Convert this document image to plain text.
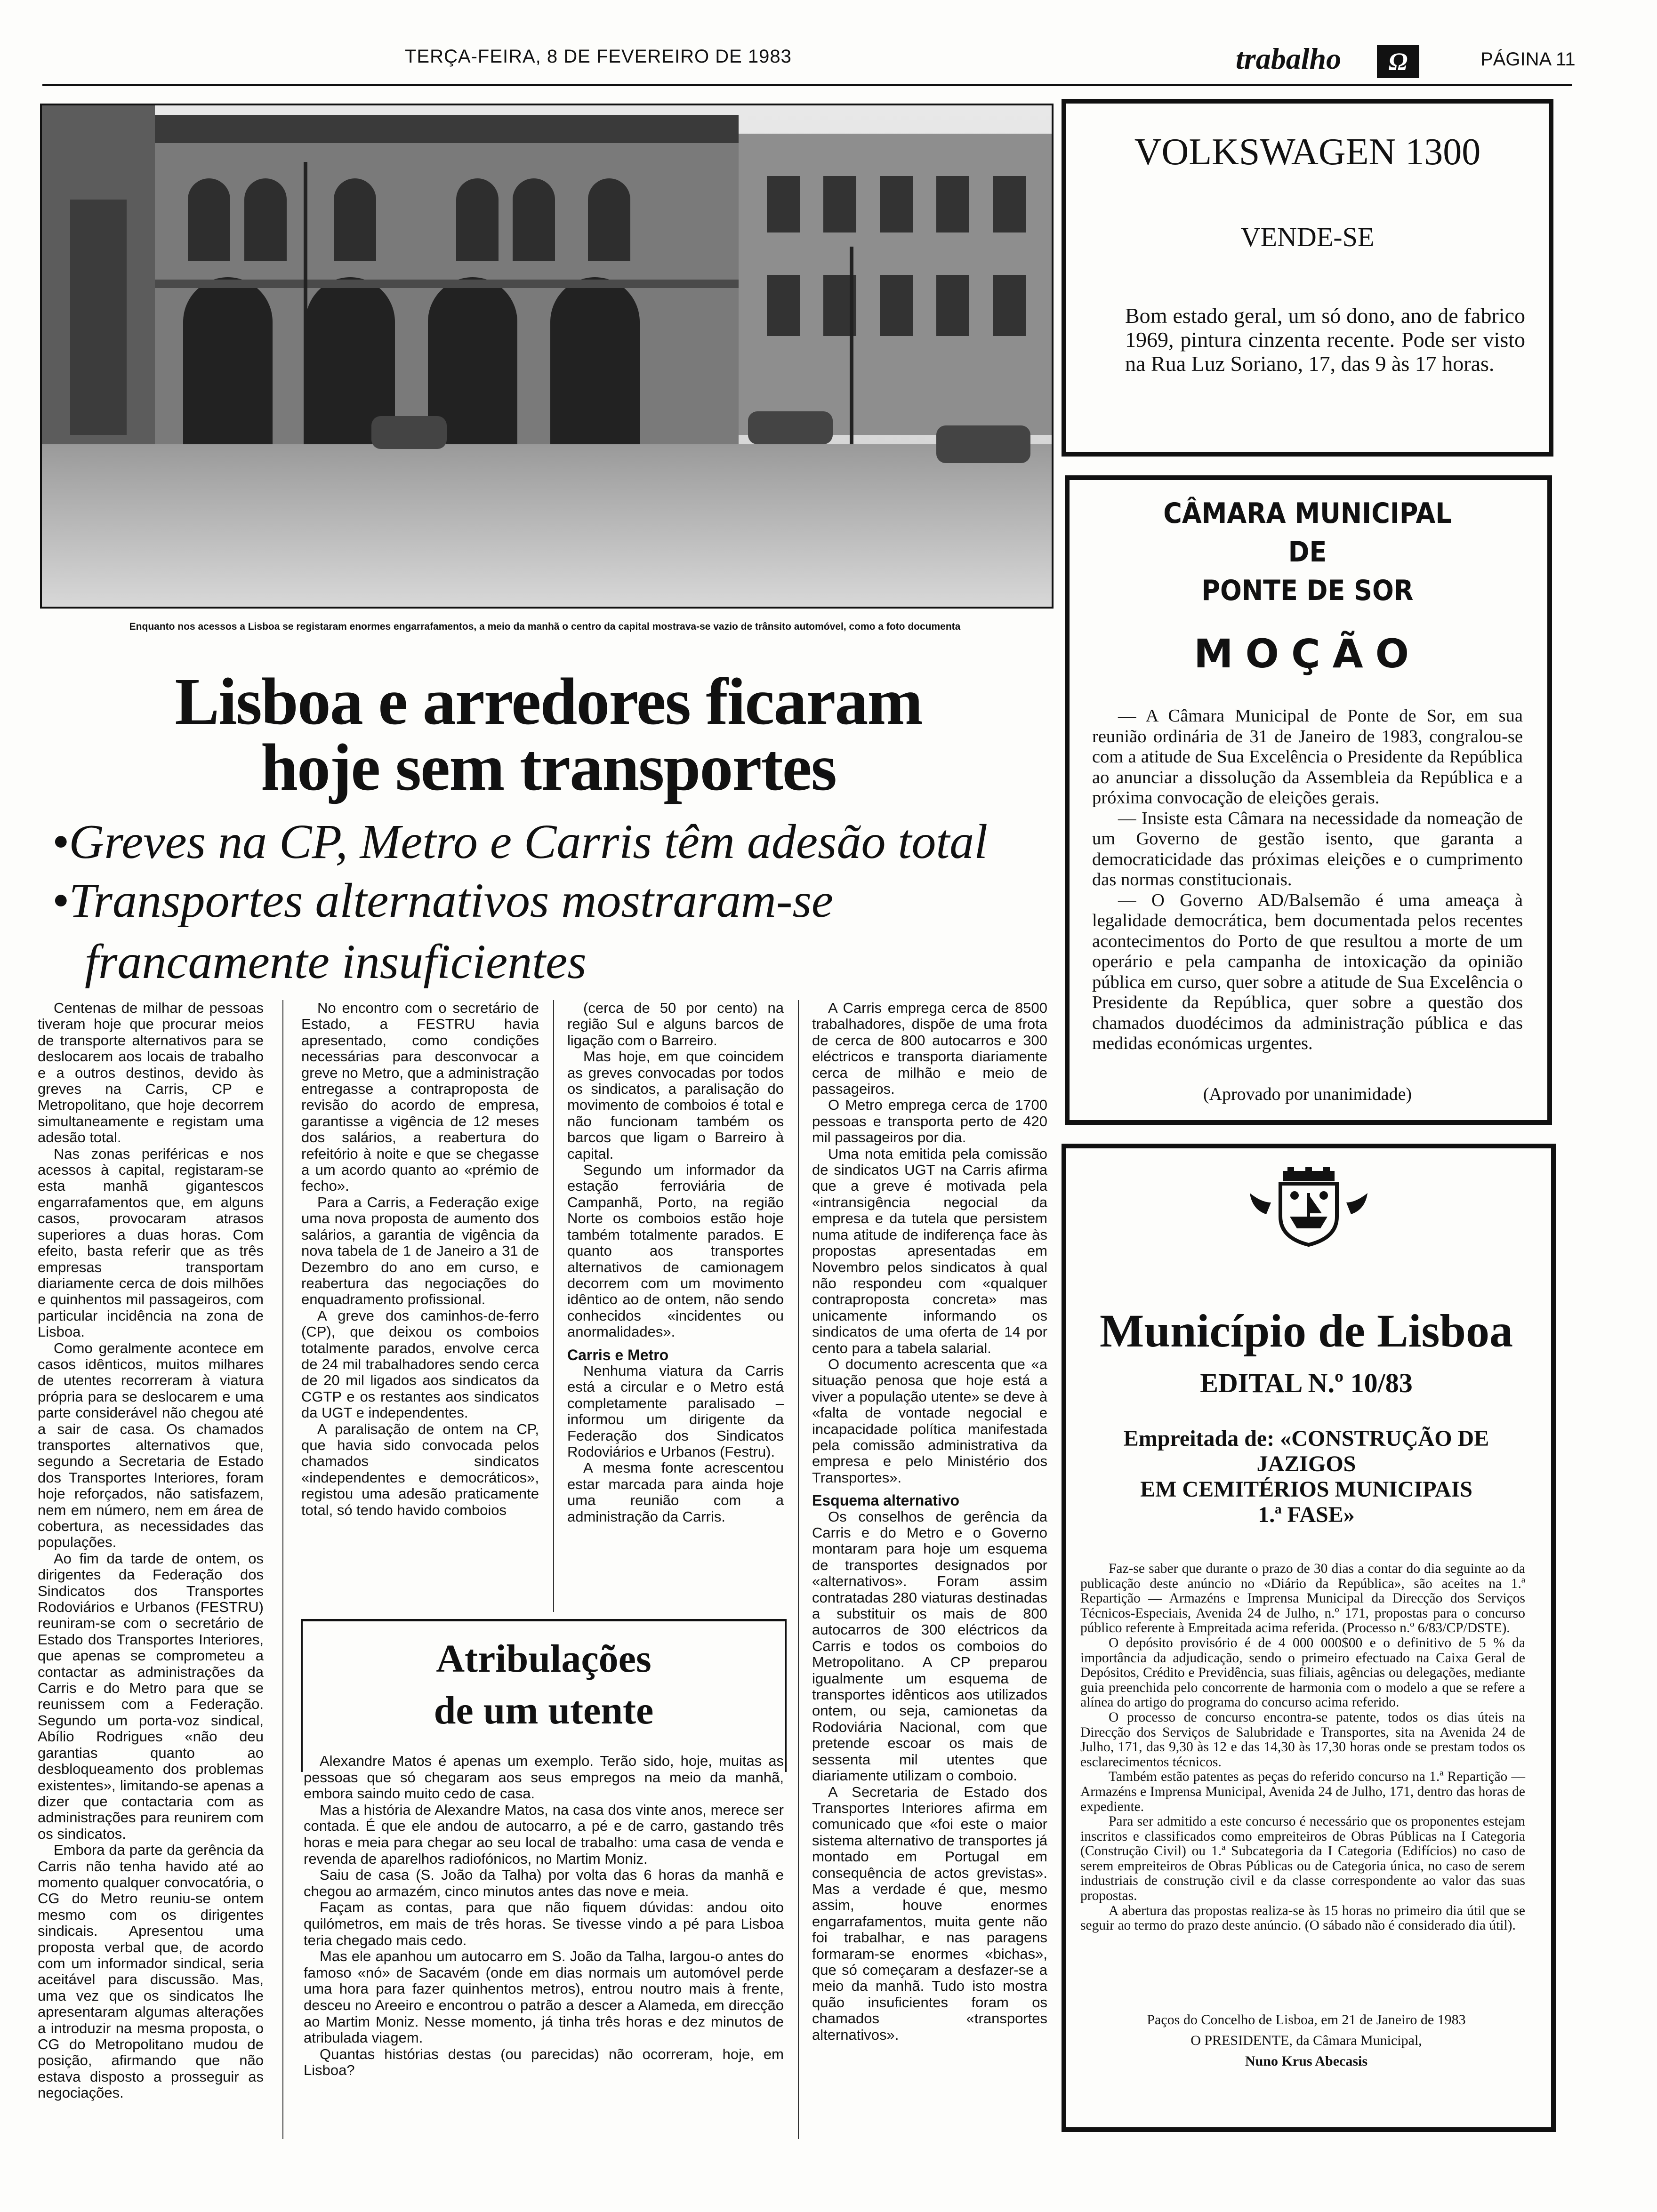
TERÇA-FEIRA, 8 DE FEVEREIRO DE 1983	trabalho	Ω	PÁGINA 11
Enquanto nos acessos a Lisboa se registaram enormes engarrafamentos, a meio da manhã o centro da capital mostrava-se vazio de trânsito automóvel, como a foto documenta
Lisboa e arredores ficaram
hoje sem transportes
•Greves na CP, Metro e Carris têm adesão total
•Transportes alternativos mostraram-se
francamente insuficientes

Centenas de milhar de pessoas tiveram hoje que procurar meios de transporte alternativos para se deslocarem aos locais de trabalho e a outros destinos, devido às greves na Carris, CP e Metropolitano, que hoje decorrem simultaneamente e registam uma adesão total.

Nas zonas periféricas e nos acessos à capital, registaram-se esta manhã gigantescos engarrafamentos que, em alguns casos, provocaram atrasos superiores a duas horas. Com efeito, basta referir que as três empresas transportam diariamente cerca de dois milhões e quinhentos mil passageiros, com particular incidência na zona de Lisboa.

Como geralmente acontece em casos idênticos, muitos milhares de utentes recorreram à viatura própria para se deslocarem e uma parte considerável não chegou até a sair de casa. Os chamados transportes alternativos que, segundo a Secretaria de Estado dos Transportes Interiores, foram hoje reforçados, não satisfazem, nem em número, nem em área de cobertura, as necessidades das populações.

Ao fim da tarde de ontem, os dirigentes da Federação dos Sindicatos dos Transportes Rodoviários e Urbanos (FESTRU) reuniram-se com o secretário de Estado dos Transportes Interiores, que apenas se comprometeu a contactar as administrações da Carris e do Metro para que se reunissem com a Federação. Segundo um porta-voz sindical, Abílio Rodrigues «não deu garantias quanto ao desbloqueamento dos problemas existentes», limitando-se apenas a dizer que contactaria com as administrações para reunirem com os sindicatos.

Embora da parte da gerência da Carris não tenha havido até ao momento qualquer convocatória, o CG do Metro reuniu-se ontem mesmo com os dirigentes sindicais. Apresentou uma proposta verbal que, de acordo com um informador sindical, seria aceitável para discussão. Mas, uma vez que os sindicatos lhe apresentaram algumas alterações a introduzir na mesma proposta, o CG do Metropolitano mudou de posição, afirmando que não estava disposto a prosseguir as negociações.

No encontro com o secretário de Estado, a FESTRU havia apresentado, como condições necessárias para desconvocar a greve no Metro, que a administração entregasse a contraproposta de revisão do acordo de empresa, garantisse a vigência de 12 meses dos salários, a reabertura do refeitório à noite e que se chegasse a um acordo quanto ao «prémio de fecho».

Para a Carris, a Federação exige uma nova proposta de aumento dos salários, a garantia de vigência da nova tabela de 1 de Janeiro a 31 de Dezembro do ano em curso, e reabertura das negociações do enquadramento profissional.

A greve dos caminhos-de-ferro (CP), que deixou os comboios totalmente parados, envolve cerca de 24 mil trabalhadores sendo cerca de 20 mil ligados aos sindicatos da CGTP e os restantes aos sindicatos da UGT e independentes.

A paralisação de ontem na CP, que havia sido convocada pelos chamados sindicatos «independentes e democráticos», registou uma adesão praticamente total, só tendo havido comboios

(cerca de 50 por cento) na região Sul e alguns barcos de ligação com o Barreiro.

Mas hoje, em que coincidem as greves convocadas por todos os sindicatos, a paralisação do movimento de comboios é total e não funcionam também os barcos que ligam o Barreiro à capital.

Segundo um informador da estação ferroviária de Campanhã, Porto, na região Norte os comboios estão hoje também totalmente parados. E quanto aos transportes alternativos de camionagem decorrem com um movimento idêntico ao de ontem, não sendo conhecidos «incidentes ou anormalidades».

Carris e Metro

Nenhuma viatura da Carris está a circular e o Metro está completamente paralisado – informou um dirigente da Federação dos Sindicatos Rodoviários e Urbanos (Festru).

A mesma fonte acrescentou estar marcada para ainda hoje uma reunião com a administração da Carris.

A Carris emprega cerca de 8500 trabalhadores, dispõe de uma frota de cerca de 800 autocarros e 300 eléctricos e transporta diariamente cerca de milhão e meio de passageiros.

O Metro emprega cerca de 1700 pessoas e transporta perto de 420 mil passageiros por dia.

Uma nota emitida pela comissão de sindicatos UGT na Carris afirma que a greve é motivada pela «intransigência negocial da empresa e da tutela que persistem numa atitude de indiferença face às propostas apresentadas em Novembro pelos sindicatos à qual não respondeu com «qualquer contraproposta concreta» mas unicamente informando os sindicatos de uma oferta de 14 por cento para a tabela salarial.

O documento acrescenta que «a situação penosa que hoje está a viver a população utente» se deve à «falta de vontade negocial e incapacidade política manifestada pela comissão administrativa da empresa e pelo Ministério dos Transportes».

Esquema alternativo

Os conselhos de gerência da Carris e do Metro e o Governo montaram para hoje um esquema de transportes designados por «alternativos». Foram assim contratadas 280 viaturas destinadas a substituir os mais de 800 autocarros de 300 eléctricos da Carris e todos os comboios do Metropolitano. A CP preparou igualmente um esquema de transportes idênticos aos utilizados ontem, ou seja, camionetas da Rodoviária Nacional, com que pretende escoar os mais de sessenta mil utentes que diariamente utilizam o comboio.

A Secretaria de Estado dos Transportes Interiores afirma em comunicado que «foi este o maior sistema alternativo de transportes já montado em Portugal em consequência de actos grevistas». Mas a verdade é que, mesmo assim, houve enormes engarrafamentos, muita gente não foi trabalhar, e nas paragens formaram-se enormes «bichas», que só começaram a desfazer-se a meio da manhã. Tudo isto mostra quão insuficientes foram os chamados «transportes alternativos».

Atribulações
de um utente

Alexandre Matos é apenas um exemplo. Terão sido, hoje, muitas as pessoas que só chegaram aos seus empregos na meio da manhã, embora saindo muito cedo de casa.

Mas a história de Alexandre Matos, na casa dos vinte anos, merece ser contada. É que ele andou de autocarro, a pé e de carro, gastando três horas e meia para chegar ao seu local de trabalho: uma casa de venda e revenda de aparelhos radiofónicos, no Martim Moniz.

Saiu de casa (S. João da Talha) por volta das 6 horas da manhã e chegou ao armazém, cinco minutos antes das nove e meia.

Façam as contas, para que não fiquem dúvidas: andou oito quilómetros, em mais de três horas. Se tivesse vindo a pé para Lisboa teria chegado mais cedo.

Mas ele apanhou um autocarro em S. João da Talha, largou-o antes do famoso «nó» de Sacavém (onde em dias normais um automóvel perde uma hora para fazer quinhentos metros), entrou noutro mais à frente, desceu no Areeiro e encontrou o patrão a descer a Alameda, em direcção ao Martim Moniz. Nesse momento, já tinha três horas e dez minutos de atribulada viagem.

Quantas histórias destas (ou parecidas) não ocorreram, hoje, em Lisboa?

VOLKSWAGEN 1300
VENDE-SE
Bom estado geral, um só dono, ano de fabrico 1969, pintura cinzenta recente. Pode ser visto na Rua Luz Soriano, 17, das 9 às 17 horas.
CÂMARA MUNICIPAL
DE
PONTE DE SOR
MOÇÃO

— A Câmara Municipal de Ponte de Sor, em sua reunião ordinária de 31 de Janeiro de 1983, congralou-se com a atitude de Sua Excelência o Presidente da República ao anunciar a dissolução da Assembleia da República e a próxima convocação de eleições gerais.

— Insiste esta Câmara na necessidade da nomeação de um Governo de gestão isento, que garanta a democraticidade das próximas eleições e o cumprimento das normas constitucionais.

— O Governo AD/Balsemão é uma ameaça à legalidade democrática, bem documentada pelos recentes acontecimentos do Porto de que resultou a morte de um operário e pela campanha de intoxicação da opinião pública em curso, quer sobre a atitude de Sua Excelência o Presidente da República, quer sobre a questão dos chamados duodécimos da administração pública e das medidas económicas urgentes.

(Aprovado por unanimidade)
Município de Lisboa
EDITAL N.º 10/83
Empreitada de: «CONSTRUÇÃO DE
JAZIGOS
EM CEMITÉRIOS MUNICIPAIS
1.ª FASE»

Faz-se saber que durante o prazo de 30 dias a contar do dia seguinte ao da publicação deste anúncio no «Diário da República», são aceites na 1.ª Repartição — Armazéns e Imprensa Municipal da Direcção dos Serviços Técnicos-Especiais, Avenida 24 de Julho, n.º 171, propostas para o concurso público referente à Empreitada acima referida. (Processo n.º 6/83/CP/DSTE).

O depósito provisório é de 4 000 000$00 e o definitivo de 5 % da importância da adjudicação, sendo o primeiro efectuado na Caixa Geral de Depósitos, Crédito e Previdência, suas filiais, agências ou delegações, mediante guia preenchida pelo concorrente de harmonia com o modelo a que se refere a alínea do artigo do programa do concurso acima referido.

O processo de concurso encontra-se patente, todos os dias úteis na Direcção dos Serviços de Salubridade e Transportes, sita na Avenida 24 de Julho, 171, das 9,30 às 12 e das 14,30 às 17,30 horas onde se prestam todos os esclarecimentos técnicos.

Também estão patentes as peças do referido concurso na 1.ª Repartição — Armazéns e Imprensa Municipal, Avenida 24 de Julho, 171, dentro das horas de expediente.

Para ser admitido a este concurso é necessário que os proponentes estejam inscritos e classificados como empreiteiros de Obras Públicas na I Categoria (Construção Civil) ou 1.ª Subcategoria da I Categoria (Edifícios) no caso de serem empreiteiros de Obras Públicas ou de Categoria única, no caso de serem industriais de construção civil e da classe correspondente ao valor das suas propostas.

A abertura das propostas realiza-se às 15 horas no primeiro dia útil que se seguir ao termo do prazo deste anúncio. (O sábado não é considerado dia útil).

Paços do Concelho de Lisboa, em 21 de Janeiro de 1983
O PRESIDENTE, da Câmara Municipal,
Nuno Krus Abecasis
